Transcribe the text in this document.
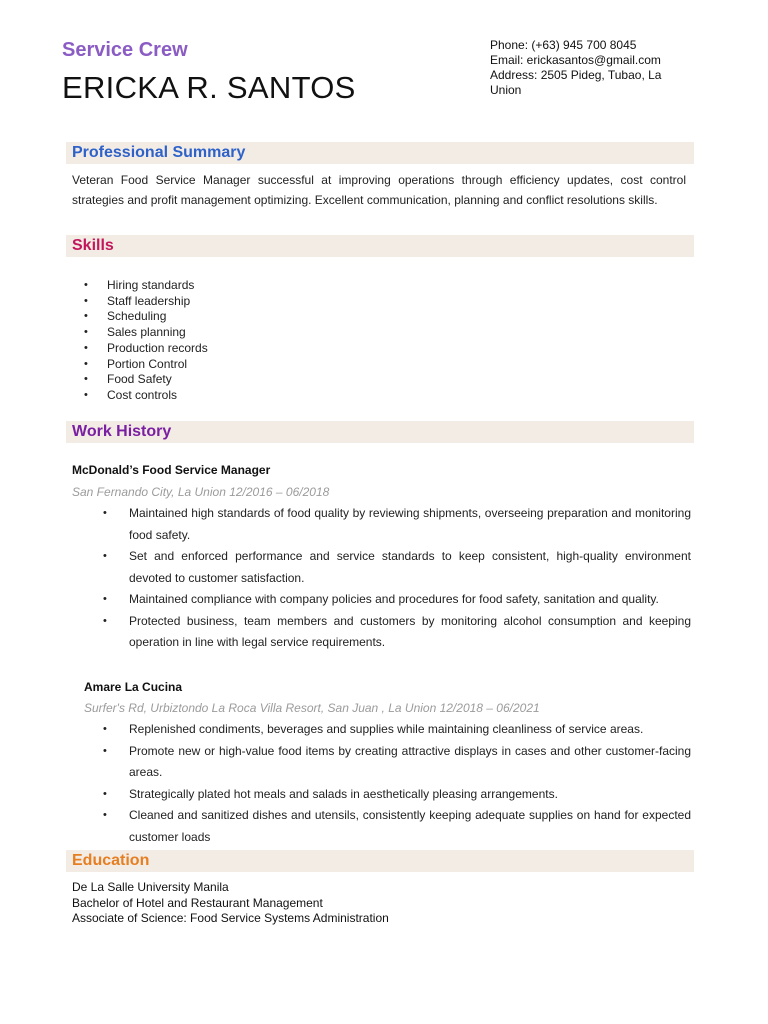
Service Crew
ERICKA R. SANTOS
Phone: (+63) 945 700 8045
Email: erickasantos@gmail.com
Address: 2505 Pideg, Tubao, La
Union
Professional Summary
Veteran Food Service Manager successful at improving operations through efficiency updates, cost control strategies and profit management optimizing. Excellent communication, planning and conflict resolutions skills.
Skills
• Hiring standards
• Staff leadership
• Scheduling
• Sales planning
• Production records
• Portion Control
• Food Safety
• Cost controls
Work History
McDonald’s Food Service Manager
San Fernando City, La Union 12/2016 – 06/2018
• Maintained high standards of food quality by reviewing shipments, overseeing preparation and monitoring food safety.
• Set and enforced performance and service standards to keep consistent, high-quality environment devoted to customer satisfaction.
• Maintained compliance with company policies and procedures for food safety, sanitation and quality.
• Protected business, team members and customers by monitoring alcohol consumption and keeping operation in line with legal service requirements.
Amare La Cucina
Surfer's Rd, Urbiztondo La Roca Villa Resort, San Juan , La Union 12/2018 – 06/2021
• Replenished condiments, beverages and supplies while maintaining cleanliness of service areas.
• Promote new or high-value food items by creating attractive displays in cases and other customer-facing areas.
• Strategically plated hot meals and salads in aesthetically pleasing arrangements.
• Cleaned and sanitized dishes and utensils, consistently keeping adequate supplies on hand for expected customer loads
Education
De La Salle University Manila
Bachelor of Hotel and Restaurant Management
Associate of Science: Food Service Systems Administration
